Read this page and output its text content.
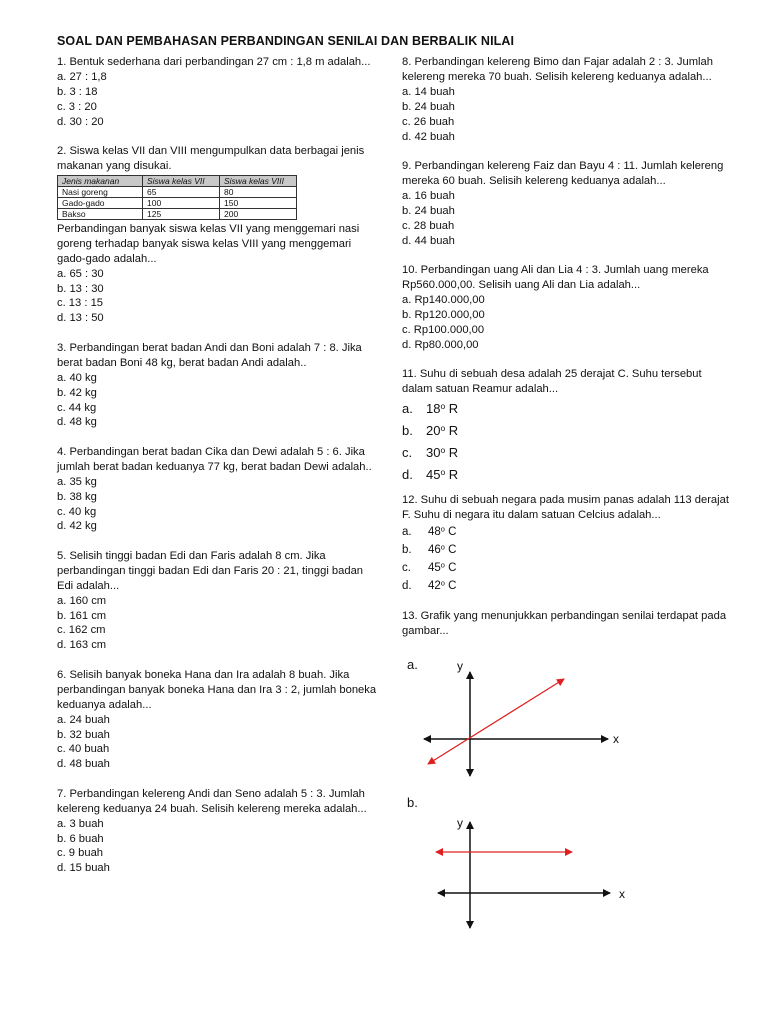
SOAL DAN PEMBAHASAN PERBANDINGAN SENILAI DAN BERBALIK NILAI

1. Bentuk sederhana dari perbandingan 27 cm : 1,8 m adalah...

a. 27 : 1,8
b. 3 : 18
c. 3 : 20
d. 30 : 20

2. Siswa kelas VII dan VIII mengumpulkan data berbagai jenis makanan yang disukai.

Jenis makanan	Siswa kelas VII	Siswa kelas VIII
Nasi goreng	65	80
Gado-gado	100	150
Bakso	125	200

Perbandingan banyak siswa kelas VII yang menggemari nasi goreng terhadap banyak siswa kelas VIII yang menggemari gado-gado adalah...

a. 65 : 30
b. 13 : 30
c. 13 : 15
d. 13 : 50

3. Perbandingan berat badan Andi dan Boni adalah 7 : 8. Jika berat badan Boni 48 kg, berat badan Andi adalah..

a. 40 kg
b. 42 kg
c. 44 kg
d. 48 kg

4. Perbandingan berat badan Cika dan Dewi adalah 5 : 6. Jika jumlah berat badan keduanya 77 kg, berat badan Dewi adalah..

a. 35 kg
b. 38 kg
c. 40 kg
d. 42 kg

5. Selisih tinggi badan Edi dan Faris adalah 8 cm. Jika perbandingan tinggi badan Edi dan Faris 20 : 21, tinggi badan Edi adalah...

a. 160 cm
b. 161 cm
c. 162 cm
d. 163 cm

6. Selisih banyak boneka Hana dan Ira adalah 8 buah. Jika perbandingan banyak boneka Hana dan Ira 3 : 2, jumlah boneka keduanya adalah...

a. 24 buah
b. 32 buah
c. 40 buah
d. 48 buah

7. Perbandingan kelereng Andi dan Seno adalah 5 : 3. Jumlah kelereng keduanya 24 buah. Selisih kelereng mereka adalah...

a. 3 buah
b. 6 buah
c. 9 buah
d. 15 buah

8. Perbandingan kelereng Bimo dan Fajar adalah 2 : 3. Jumlah kelereng mereka 70 buah. Selisih kelereng keduanya adalah...

a. 14 buah
b. 24 buah
c. 26 buah
d. 42 buah

9. Perbandingan kelereng Faiz dan Bayu 4 : 11. Jumlah kelereng mereka 60 buah. Selisih kelereng keduanya adalah...

a. 16 buah
b. 24 buah
c. 28 buah
d. 44 buah

10. Perbandingan uang Ali dan Lia 4 : 3. Jumlah uang mereka Rp560.000,00. Selisih uang Ali dan Lia adalah...

a. Rp140.000,00
b. Rp120.000,00
c. Rp100.000,00
d. Rp80.000,00

11. Suhu di sebuah desa adalah 25 derajat C. Suhu tersebut dalam satuan Reamur adalah...

a. 18$^o$ R
b. 20$^o$ R
c. 30$^o$ R
d. 45$^o$ R

12. Suhu di sebuah negara pada musim panas adalah 113 derajat F. Suhu di negara itu dalam satuan Celcius adalah...

a. 48$^o$ C
b. 46$^o$ C
c. 45$^o$ C
d. 42$^o$ C

13. Grafik yang menunjukkan perbandingan senilai terdapat pada gambar...

a.	y
x
b.
y
x
